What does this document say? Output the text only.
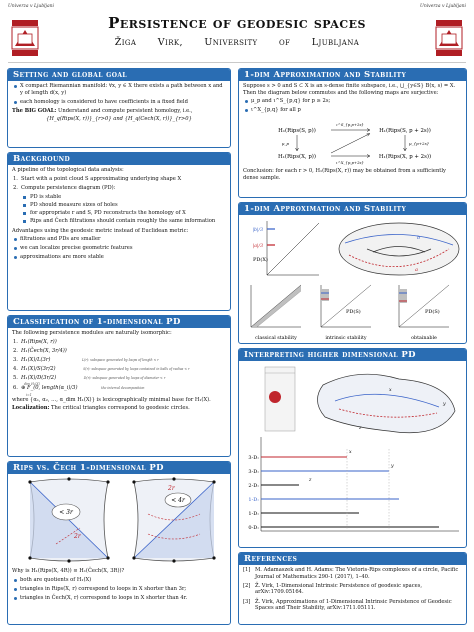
Univerza v Ljubljani	Univerza v Ljubljani
Persistence of geodesic spaces
Žiga Virk, University of Ljubljana
Setting and global goal
X compact Riemannian manifold: ∀x, y ∈ X there exists a path between x and y of length d(x, y)
each homology is considered to have coefficients in a fixed field

The BIG GOAL: Understand and compute persistent homology, i.e.,

{H_q(Rips(X, r))}_{r>0} and {H_q(Cech(X, r))}_{r>0}
Background

A pipeline of the topological data analysis:

1. Start with a point cloud S approximating underlying shape X
2. Compute persistence diagram (PD):
PD is stable
PD should measure sizes of holes
for appropriate r and S, PD reconstructs the homology of X
Rips and Čech filtrations should contain roughly the same information

Advantages using the geodesic metric instead of Euclidean metric:

filtrations and PDs are smaller
we can localize precise geometric features
approximations are more stable
Classification of 1-dimensional PD

The following persistence modules are naturally isomorphic:

1. H₁(Rips(X, r))
2. H₁(Čech(X, 3r/4))
3. H₁(X)/L(3r)	L(r): subspace generated by loops of length < r
4. H₁(X)/S(3r/2)	S(r): subspace generated by loops contained in balls of radius < r
5. H₁(X)/D(3r/2)	D(r): subspace generated by loops of diameter < r
6.
dim H₁(X)
⊕ F_(0, length(α_i)/3)	the interval decomposition
i=1

where {α₁, α₂, …, α_dim H₁(X)} is lexicographically minimal base for H₁(X).

Localization: The critical triangles correspond to geodesic circles.

Rips vs. Čech 1-dimensional PD
< 3r
2r
< 4r
2r

Why is H₁(Rips(X, 4R)) ≅ H₁(Čech(X, 3R))?

both are quotients of H₁(X)
triangles in Rips(X, r) correspond to loops in X shorter than 3r;
triangles in Čech(X, r) correspond to loops in X shorter than 4r.
1-dim Approximation and Stability

Suppose s > 0 and S ⊂ X is an s-dense finite subspace, i.e., ⋃_{y∈S} B(x, s) = X. Then the diagram below commutes and the following maps are surjective:

μ_p and ι^S_{p,q} for p ≥ 2s;
ι^X_{p,q} for all p
H₁(Rips(S, p))	H₁(Rips(S, p + 2s))
H₁(Rips(X, p))	H₁(Rips(X, p + 2s))
ι^S_{p,p+2s}
ι^X_{p,p+2s}
μ_p	μ_{p+2s}

Conclusion: for each r > 0, H₁(Rips(X, r)) may be obtained from a sufficiently dense sample.

1-dim Approximation and Stability
|b|/3
|a|/3
PD(X)
b
a
classical stability
PD(S)
intrinsic stability
PD(S)
obtainable
Interpreting higher dimensional PD
x
y
z
3-D:
3-D:
2-D:
1-D:
1-D:
0-D:
x
z
y
References
[1] M. Adamaszek and H. Adams: The Vietoris-Rips complexes of a circle, Pacific Journal of Mathematics 290-1 (2017), 1–40.
[2] Ž. Virk, 1-Dimensional Intrinsic Persistence of geodesic spaces, arXiv:1709.05164.
[3] Ž. Virk, Approximations of 1-Dimensional Intrinsic Persistence of Geodesic Spaces and Their Stability, arXiv:1711.05111.
